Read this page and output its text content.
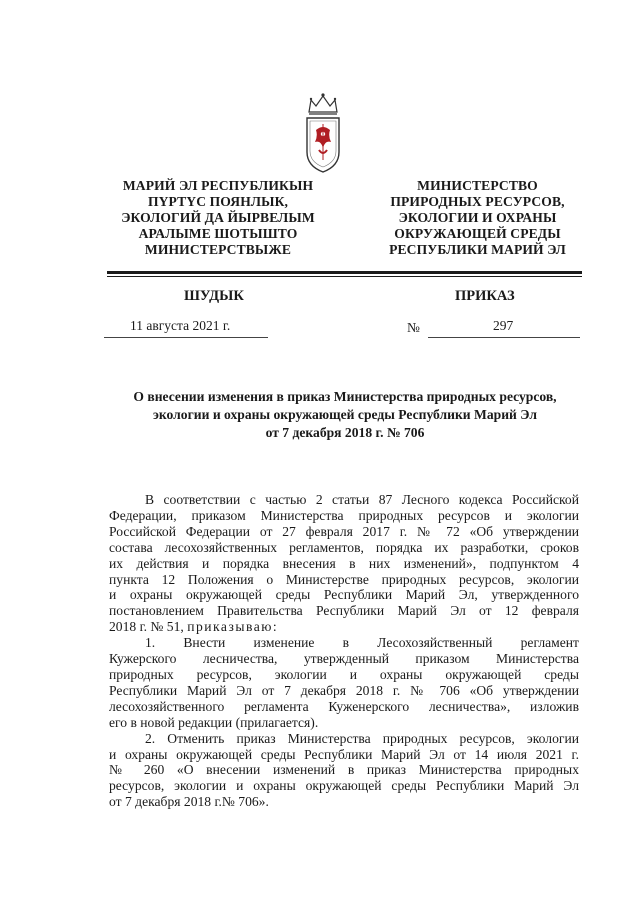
МАРИЙ ЭЛ РЕСПУБЛИКЫН
ПҮРТҮС ПОЯНЛЫК,
ЭКОЛОГИЙ ДА ЙЫРВЕЛЫМ
АРАЛЫМЕ ШОТЫШТО
МИНИСТЕРСТВЫЖЕ
МИНИСТЕРСТВО
ПРИРОДНЫХ РЕСУРСОВ,
ЭКОЛОГИИ И ОХРАНЫ
ОКРУЖАЮЩЕЙ СРЕДЫ
РЕСПУБЛИКИ МАРИЙ ЭЛ
ШУДЫК	ПРИКАЗ
11 августа 2021 г.	№	297
О внесении изменения в приказ Министерства природных ресурсов,
экологии и охраны окружающей среды Республики Марий Эл
от 7 декабря 2018 г. № 706
В соответствии с частью 2 статьи 87 Лесного кодекса Российской
Федерации, приказом Министерства природных ресурсов и экологии
Российской Федерации от 27 февраля 2017 г. № 72 «Об утверждении
состава лесохозяйственных регламентов, порядка их разработки, сроков
их действия и порядка внесения в них изменений», подпунктом 4
пункта 12 Положения о Министерстве природных ресурсов, экологии
и охраны окружающей среды Республики Марий Эл, утвержденного
постановлением Правительства Республики Марий Эл от 12 февраля
2018 г. № 51, приказываю:
1. Внести изменение в Лесохозяйственный регламент
Кужерского лесничества, утвержденный приказом Министерства
природных ресурсов, экологии и охраны окружающей среды
Республики Марий Эл от 7 декабря 2018 г. № 706 «Об утверждении
лесохозяйственного регламента Куженерского лесничества», изложив
его в новой редакции (прилагается).
2. Отменить приказ Министерства природных ресурсов, экологии
и охраны окружающей среды Республики Марий Эл от 14 июля 2021 г.
№ 260 «О внесении изменений в приказ Министерства природных
ресурсов, экологии и охраны окружающей среды Республики Марий Эл
от 7 декабря 2018 г.№ 706».
